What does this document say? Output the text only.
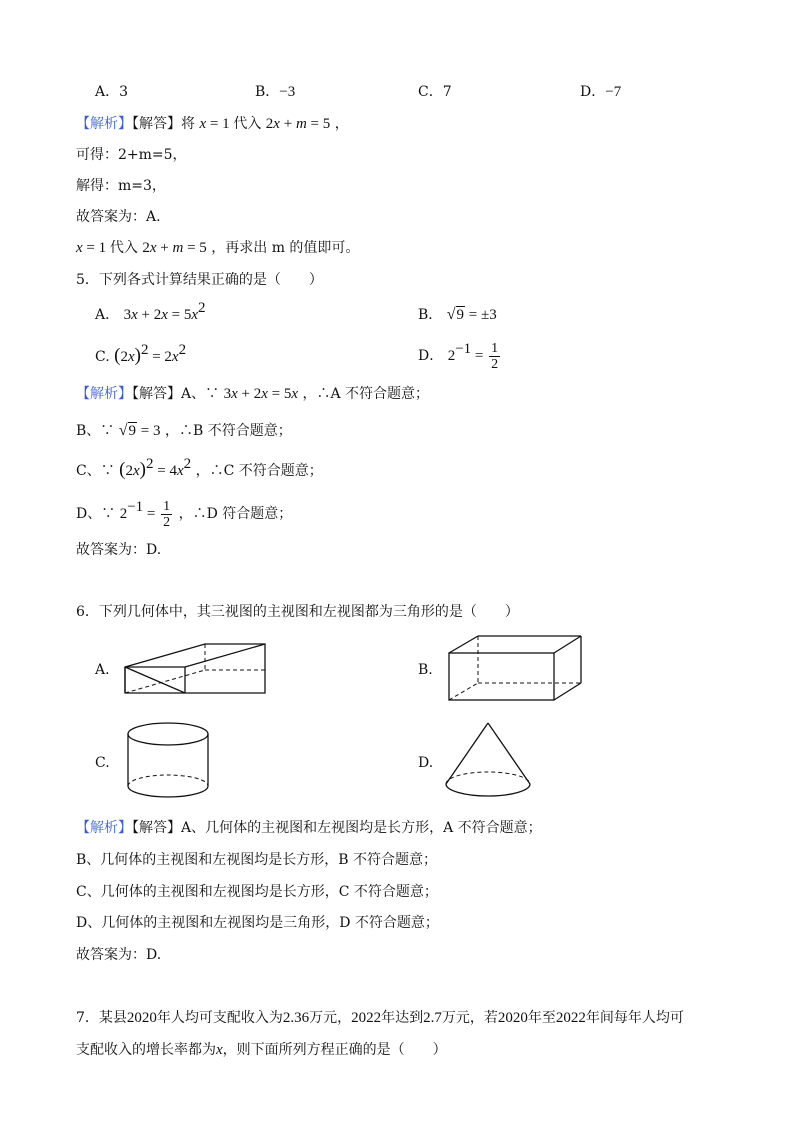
A．3	B．−3	C．7	D．−7
【解析】【解答】将 x = 1 代入 2x + m = 5 ，
可得：2+m=5，
解得：m=3，
故答案为：A.
x = 1 代入 2x + m = 5 ，再求出 m 的值即可。
5．下列各式计算结果正确的是（　　）
A． $3x + 2x = 5x^2$	B． √9 = ±3
C. $(2x)^2 = 2x^2$	D． $2^{-1} = \frac{1}{2}$
【解析】【解答】A、∵ 3x + 2x = 5x ，∴A 不符合题意；
B、∵ √9 = 3 ，∴B 不符合题意；
C、∵ $(2x)^2 = 4x^2$ ，∴C 不符合题意；
D、∵ $2^{-1} = \frac{1}{2}$ ，∴D 符合题意；
故答案为：D.
6．下列几何体中，其三视图的主视图和左视图都为三角形的是（　　）
A.	B.
C.	D.
【解析】【解答】A、几何体的主视图和左视图均是长方形，A 不符合题意；
B、几何体的主视图和左视图均是长方形，B 不符合题意；
C、几何体的主视图和左视图均是长方形，C 不符合题意；
D、几何体的主视图和左视图均是三角形，D 不符合题意；
故答案为：D.
7．某县2020年人均可支配收入为2.36万元，2022年达到2.7万元，若2020年至2022年间每年人均可
支配收入的增长率都为x，则下面所列方程正确的是（　　）
